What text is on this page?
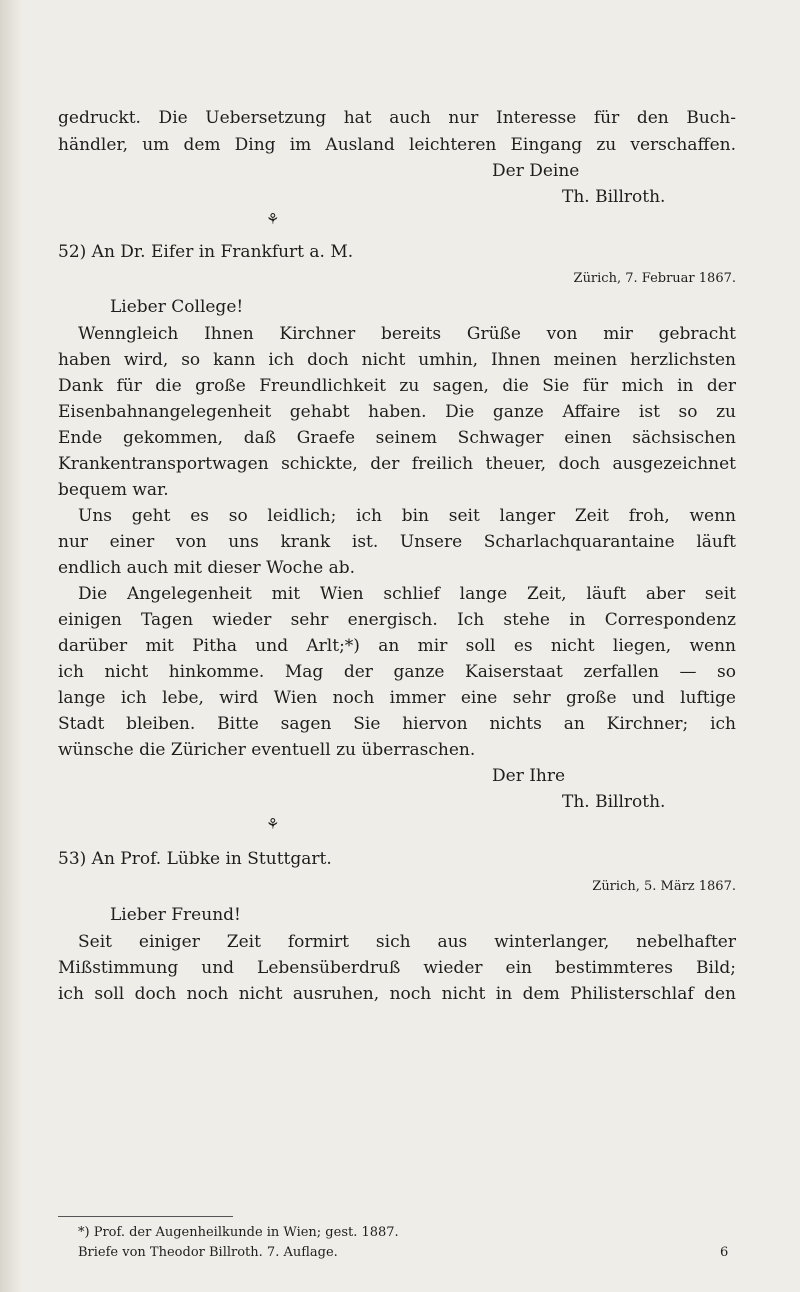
gedruckt. Die Uebersetzung hat auch nur Interesse für den Buch-
händler, um dem Ding im Ausland leichteren Eingang zu verschaffen.
Der Deine
Th. Billroth.
⚘
52) An Dr. Eifer in Frankfurt a. M.
Zürich, 7. Februar 1867.
Lieber College!
Wenngleich Ihnen Kirchner bereits Grüße von mir gebracht
haben wird, so kann ich doch nicht umhin, Ihnen meinen herzlichsten
Dank für die große Freundlichkeit zu sagen, die Sie für mich in der
Eisenbahnangelegenheit gehabt haben. Die ganze Affaire ist so zu
Ende gekommen, daß Graefe seinem Schwager einen sächsischen
Krankentransportwagen schickte, der freilich theuer, doch ausgezeichnet
bequem war.
Uns geht es so leidlich; ich bin seit langer Zeit froh, wenn
nur einer von uns krank ist. Unsere Scharlachquarantaine läuft
endlich auch mit dieser Woche ab.
Die Angelegenheit mit Wien schlief lange Zeit, läuft aber seit
einigen Tagen wieder sehr energisch. Ich stehe in Correspondenz
darüber mit Pitha und Arlt;*) an mir soll es nicht liegen, wenn
ich nicht hinkomme. Mag der ganze Kaiserstaat zerfallen — so
lange ich lebe, wird Wien noch immer eine sehr große und luftige
Stadt bleiben. Bitte sagen Sie hiervon nichts an Kirchner; ich
wünsche die Züricher eventuell zu überraschen.
Der Ihre
Th. Billroth.
⚘
53) An Prof. Lübke in Stuttgart.
Zürich, 5. März 1867.
Lieber Freund!
Seit einiger Zeit formirt sich aus winterlanger, nebelhafter
Mißstimmung und Lebensüberdruß wieder ein bestimmteres Bild;
ich soll doch noch nicht ausruhen, noch nicht in dem Philisterschlaf den
*) Prof. der Augenheilkunde in Wien; gest. 1887.
Briefe von Theodor Billroth. 7. Auflage.	6
